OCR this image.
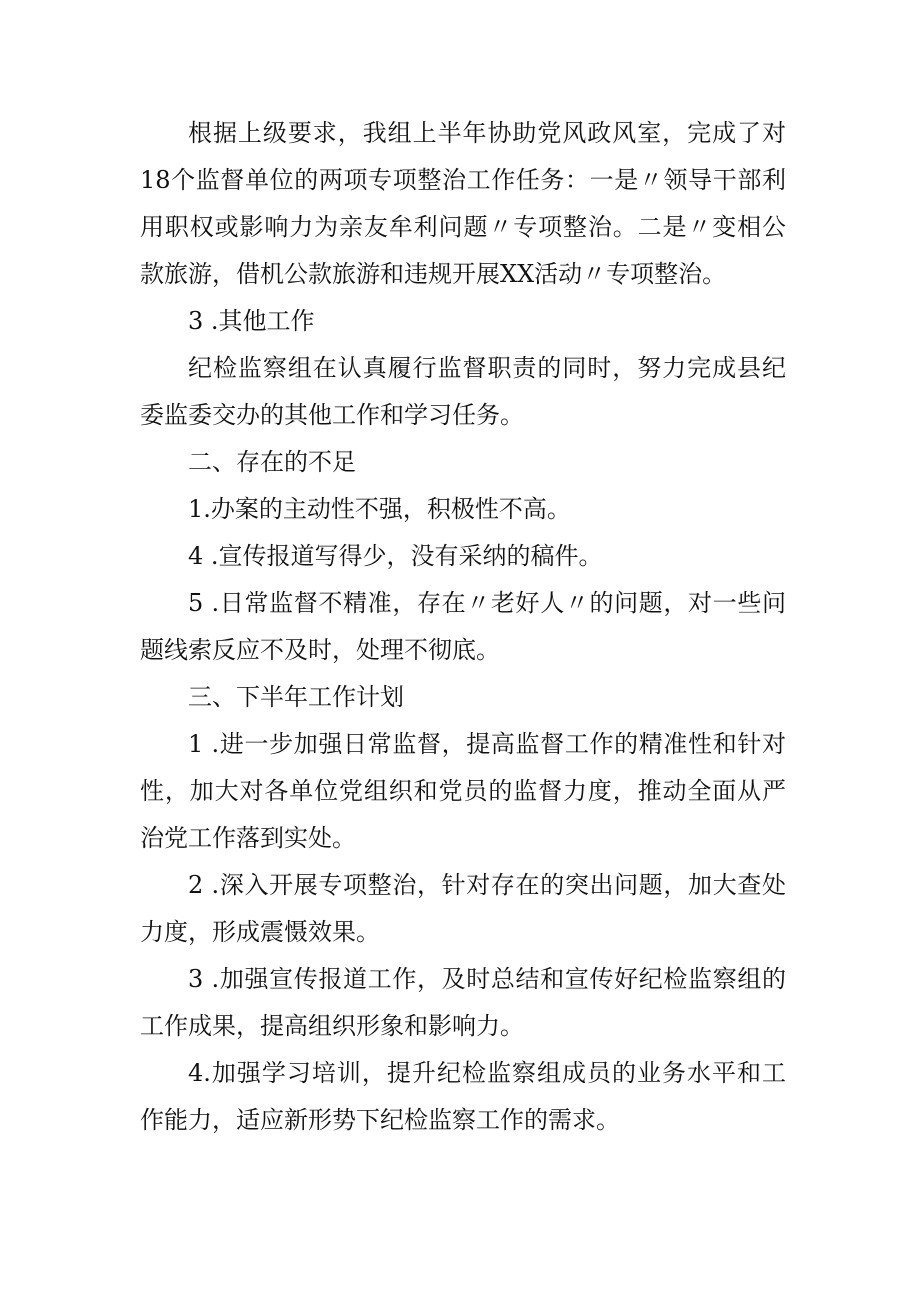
根据上级要求，我组上半年协助党风政风室，完成了对18个监督单位的两项专项整治工作任务：一是〃领导干部利用职权或影响力为亲友牟利问题〃专项整治。二是〃变相公款旅游，借机公款旅游和违规开展XX活动〃专项整治。

3 .其他工作

纪检监察组在认真履行监督职责的同时，努力完成县纪委监委交办的其他工作和学习任务。

二、存在的不足

1.办案的主动性不强，积极性不高。

4 .宣传报道写得少，没有采纳的稿件。

5 .日常监督不精准，存在〃老好人〃的问题，对一些问题线索反应不及时，处理不彻底。

三、下半年工作计划

1 .进一步加强日常监督，提高监督工作的精准性和针对性，加大对各单位党组织和党员的监督力度，推动全面从严治党工作落到实处。

2 .深入开展专项整治，针对存在的突出问题，加大查处力度，形成震慑效果。

3 .加强宣传报道工作，及时总结和宣传好纪检监察组的工作成果，提高组织形象和影响力。

4.加强学习培训，提升纪检监察组成员的业务水平和工作能力，适应新形势下纪检监察工作的需求。
